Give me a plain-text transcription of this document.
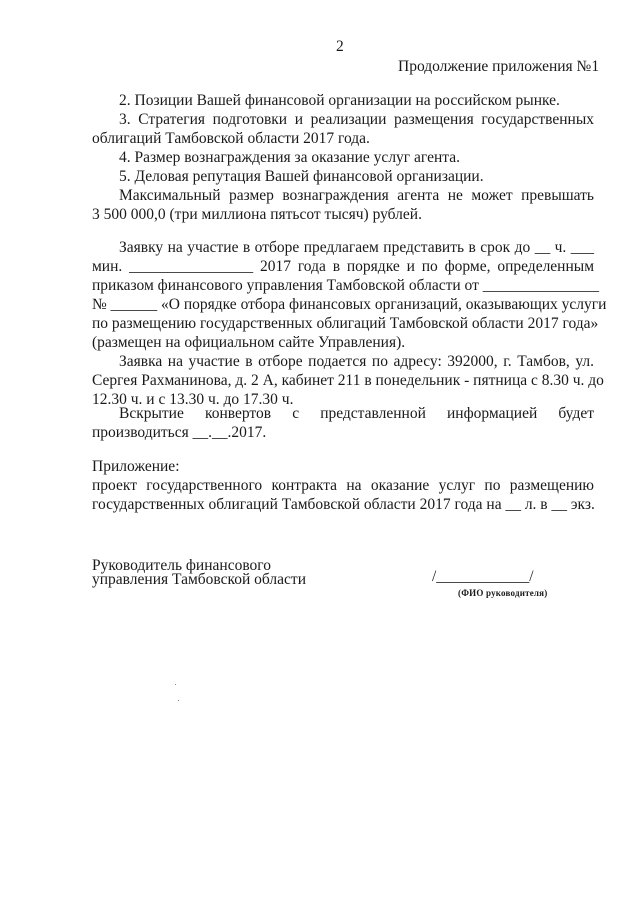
2
Продолжение приложения №1
2. Позиции Вашей финансовой организации на российском рынке.
3. Стратегия подготовки и реализации размещения государственных
облигаций Тамбовской области 2017 года.
4. Размер вознаграждения за оказание услуг агента.
5. Деловая репутация Вашей финансовой организации.
Максимальный размер вознаграждения агента не может превышать
3 500 000,0 (три миллиона пятьсот тысяч) рублей.
Заявку на участие в отборе предлагаем представить в срок до __ ч. ___
мин. ________________ 2017 года в порядке и по форме, определенным
приказом финансового управления Тамбовской области от _______________
№ ______ «О порядке отбора финансовых организаций, оказывающих услуги
по размещению государственных облигаций Тамбовской области 2017 года»
(размещен на официальном сайте Управления).
Заявка на участие в отборе подается по адресу: 392000, г. Тамбов, ул.
Сергея Рахманинова, д. 2 А, кабинет 211 в понедельник - пятница с 8.30 ч. до
12.30 ч. и с 13.30 ч. до 17.30 ч.
Вскрытие конвертов с представленной информацией будет
производиться __.__.2017.
Приложение:
проект государственного контракта на оказание услуг по размещению
государственных облигаций Тамбовской области 2017 года на __ л. в __ экз.
Руководитель финансового
управления Тамбовской области	/____________/
(ФИО руководителя)
